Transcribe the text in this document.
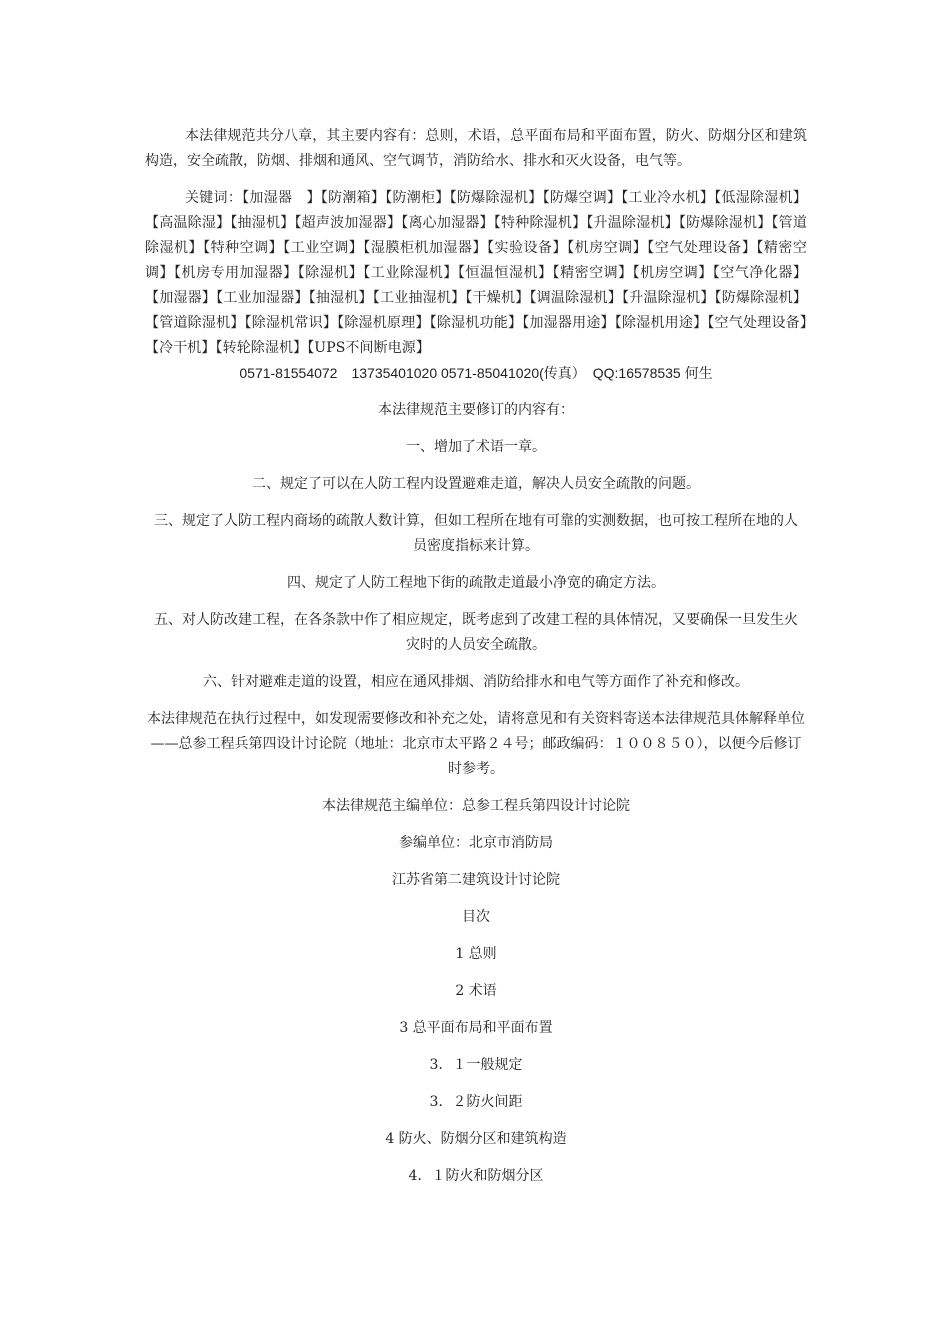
本法律规范共分八章，其主要内容有：总则，术语，总平面布局和平面布置，防火、防烟分区和建筑构造，安全疏散，防烟、排烟和通风、空气调节，消防给水、排水和灭火设备，电气等。

关键词：【加湿器　】【防潮箱】【防潮柜】【防爆除湿机】【防爆空调】【工业冷水机】【低湿除湿机】【高温除湿】【抽湿机】【超声波加湿器】【离心加湿器】【特种除湿机】【升温除湿机】【防爆除湿机】【管道除湿机】【特种空调】【工业空调】【湿膜柜机加湿器】【实验设备】【机房空调】【空气处理设备】【精密空调】【机房专用加湿器】【除湿机】【工业除湿机】【恒温恒湿机】【精密空调】【机房空调】【空气净化器】【加湿器】【工业加湿器】【抽湿机】【工业抽湿机】【干燥机】【调温除湿机】【升温除湿机】【防爆除湿机】【管道除湿机】【除湿机常识】【除湿机原理】【除湿机功能】【加湿器用途】【除湿机用途】【空气处理设备】【冷干机】【转轮除湿机】【UPS不间断电源】

0571-81554072　13735401020 0571-85041020(传真）　QQ:16578535 何生

本法律规范主要修订的内容有：

一、增加了术语一章。

二、规定了可以在人防工程内设置避难走道，解决人员安全疏散的问题。

三、规定了人防工程内商场的疏散人数计算，但如工程所在地有可靠的实测数据，也可按工程所在地的人员密度指标来计算。

四、规定了人防工程地下街的疏散走道最小净宽的确定方法。

五、对人防改建工程，在各条款中作了相应规定，既考虑到了改建工程的具体情况，又要确保一旦发生火灾时的人员安全疏散。

六、针对避难走道的设置，相应在通风排烟、消防给排水和电气等方面作了补充和修改。

本法律规范在执行过程中，如发现需要修改和补充之处，请将意见和有关资料寄送本法律规范具体解释单位——总参工程兵第四设计讨论院（地址：北京市太平路２４号；邮政编码：１００８５０），以便今后修订时参考。

本法律规范主编单位：总参工程兵第四设计讨论院

参编单位：北京市消防局

江苏省第二建筑设计讨论院

目次

1 总则

2 术语

3 总平面布局和平面布置

3．１一般规定

3．２防火间距

4 防火、防烟分区和建筑构造

4．１防火和防烟分区
